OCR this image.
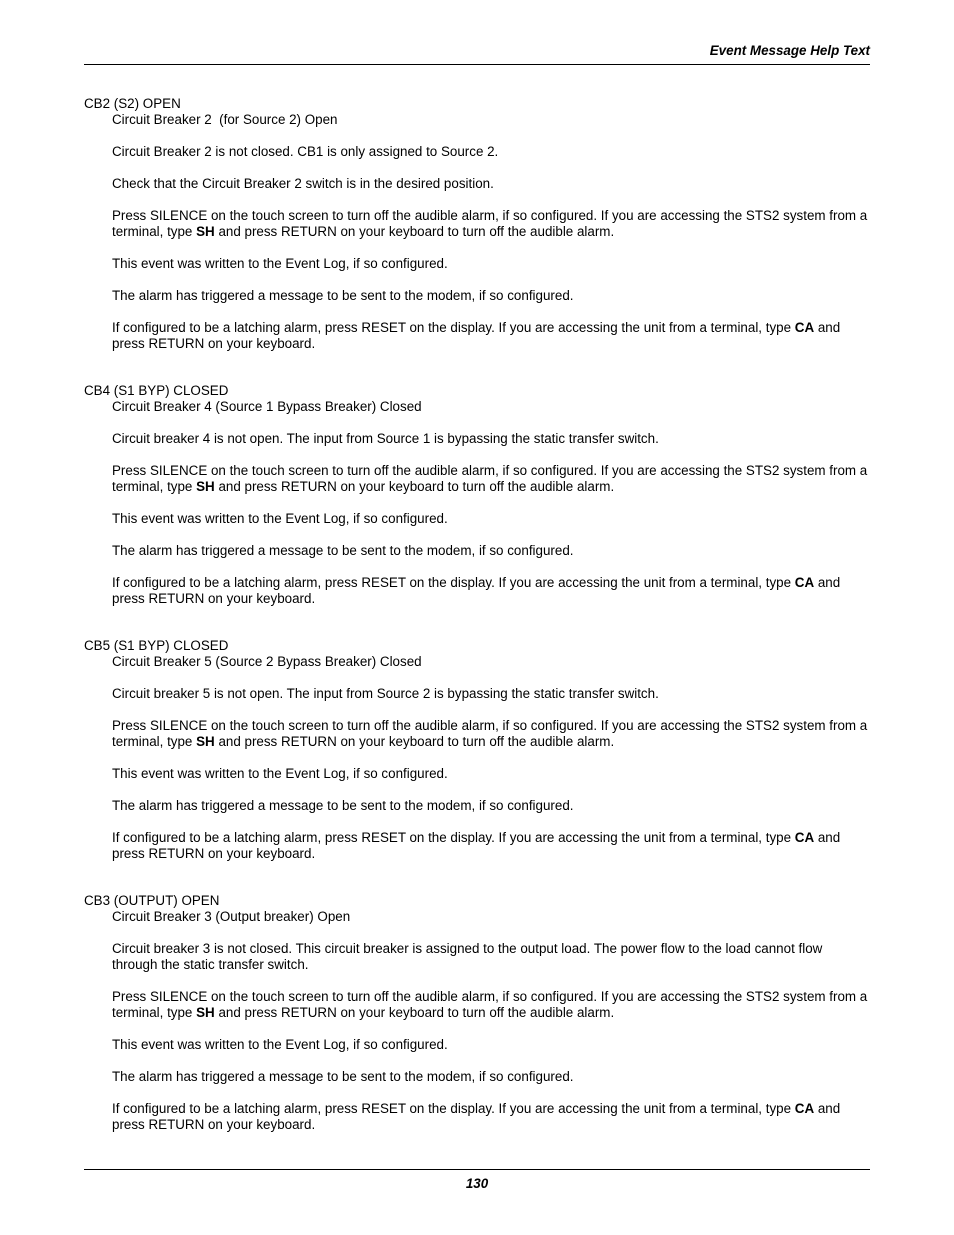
Event Message Help Text

CB2 (S2) OPEN

Circuit Breaker 2  (for Source 2) Open

Circuit Breaker 2 is not closed. CB1 is only assigned to Source 2.

Check that the Circuit Breaker 2 switch is in the desired position.

Press SILENCE on the touch screen to turn off the audible alarm, if so configured. If you are accessing the STS2 system from a terminal, type SH and press RETURN on your keyboard to turn off the audible alarm.

This event was written to the Event Log, if so configured.

The alarm has triggered a message to be sent to the modem, if so configured.

If configured to be a latching alarm, press RESET on the display. If you are accessing the unit from a terminal, type CA and press RETURN on your keyboard.

CB4 (S1 BYP) CLOSED

Circuit Breaker 4 (Source 1 Bypass Breaker) Closed

Circuit breaker 4 is not open. The input from Source 1 is bypassing the static transfer switch.

Press SILENCE on the touch screen to turn off the audible alarm, if so configured. If you are accessing the STS2 system from a terminal, type SH and press RETURN on your keyboard to turn off the audible alarm.

This event was written to the Event Log, if so configured.

The alarm has triggered a message to be sent to the modem, if so configured.

If configured to be a latching alarm, press RESET on the display. If you are accessing the unit from a terminal, type CA and press RETURN on your keyboard.

CB5 (S1 BYP) CLOSED

Circuit Breaker 5 (Source 2 Bypass Breaker) Closed

Circuit breaker 5 is not open. The input from Source 2 is bypassing the static transfer switch.

Press SILENCE on the touch screen to turn off the audible alarm, if so configured. If you are accessing the STS2 system from a terminal, type SH and press RETURN on your keyboard to turn off the audible alarm.

This event was written to the Event Log, if so configured.

The alarm has triggered a message to be sent to the modem, if so configured.

If configured to be a latching alarm, press RESET on the display. If you are accessing the unit from a terminal, type CA and press RETURN on your keyboard.

CB3 (OUTPUT) OPEN

Circuit Breaker 3 (Output breaker) Open

Circuit breaker 3 is not closed. This circuit breaker is assigned to the output load. The power flow to the load cannot flow through the static transfer switch.

Press SILENCE on the touch screen to turn off the audible alarm, if so configured. If you are accessing the STS2 system from a terminal, type SH and press RETURN on your keyboard to turn off the audible alarm.

This event was written to the Event Log, if so configured.

The alarm has triggered a message to be sent to the modem, if so configured.

If configured to be a latching alarm, press RESET on the display. If you are accessing the unit from a terminal, type CA and press RETURN on your keyboard.

130
